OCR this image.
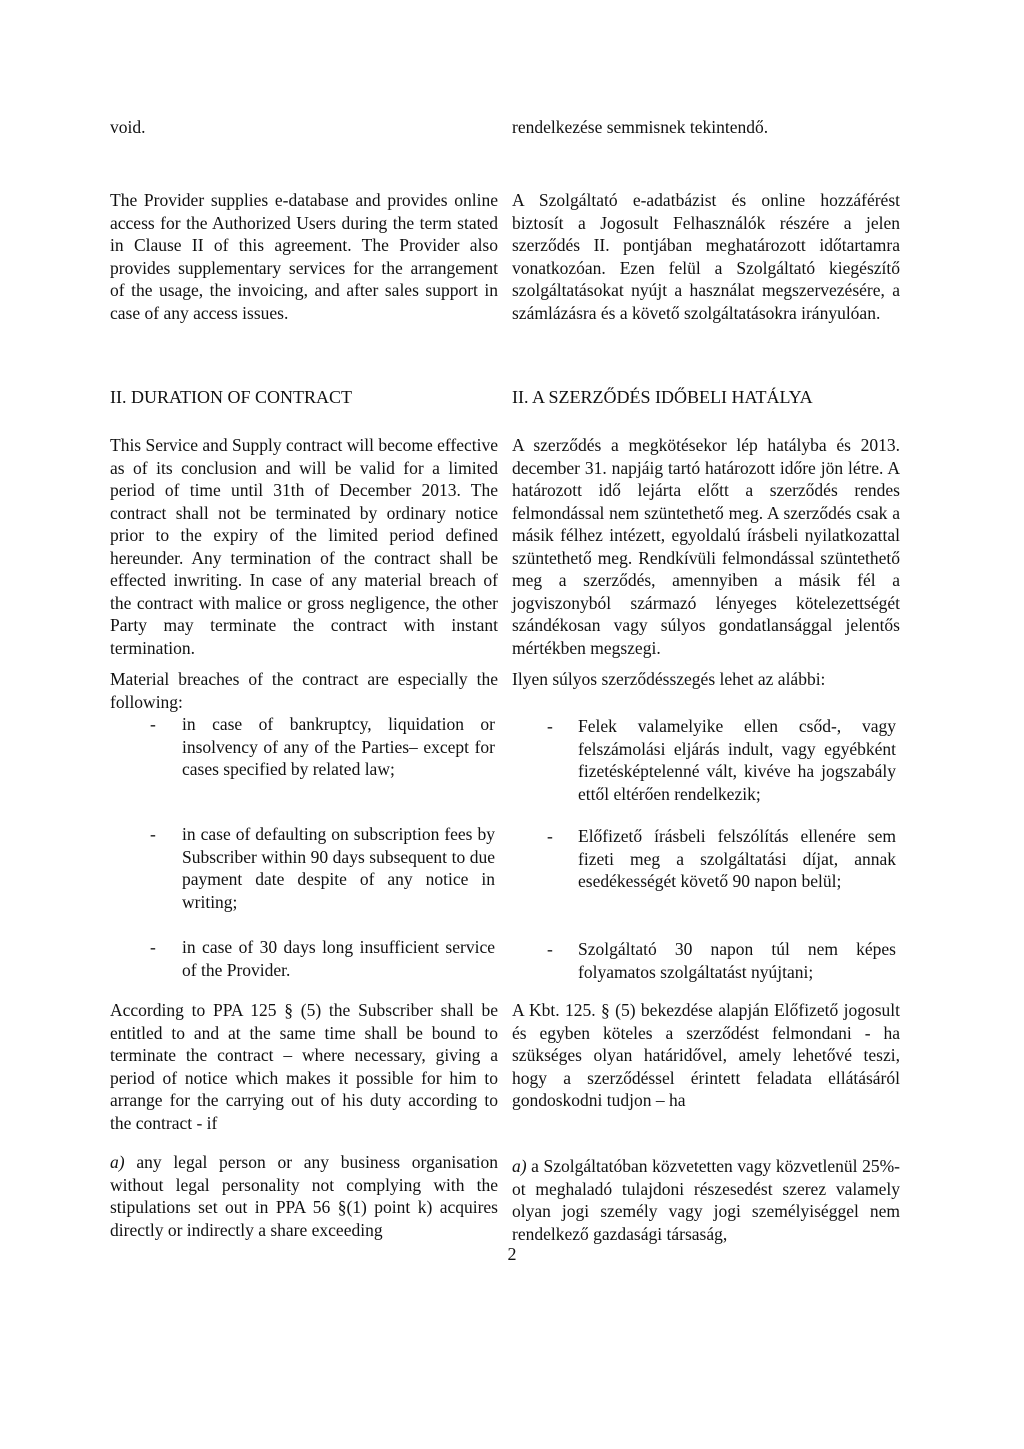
void.

The Provider supplies e-database and provides online access for the Authorized Users during the term stated in Clause II of this agreement. The Provider also provides supplementary services for the arrangement of the usage, the invoicing, and after sales support in case of any access issues.

II. DURATION OF CONTRACT

This Service and Supply contract will become effective as of its conclusion and will be valid for a limited period of time until 31th of December 2013. The contract shall not be terminated by ordinary notice prior to the expiry of the limited period defined hereunder. Any termination of the contract shall be effected inwriting. In case of any material breach of the contract with malice or gross negligence, the other Party may terminate the contract with instant termination.

Material breaches of the contract are especially the following:

-	in case of bankruptcy, liquidation or insolvency of any of the Parties– except for cases specified by related law;

-	in case of defaulting on subscription fees by Subscriber within 90 days subsequent to due payment date despite of any notice in writing;

-	in case of 30 days long insufficient service of the Provider.

According to PPA 125 § (5) the Subscriber shall be entitled to and at the same time shall be bound to terminate the contract – where necessary, giving a period of notice which makes it possible for him to arrange for the carrying out of his duty according to the contract - if

a) any legal person or any business organisation without legal personality not complying with the stipulations set out in PPA 56 §(1) point k) acquires directly or indirectly a share exceeding

rendelkezése semmisnek tekintendő.

A Szolgáltató e-adatbázist és online hozzáférést biztosít a Jogosult Felhasználók részére a jelen szerződés II. pontjában meghatározott időtartamra vonatkozóan. Ezen felül a Szolgáltató kiegészítő szolgáltatásokat nyújt a használat megszervezésére, a számlázásra és a követő szolgáltatásokra irányulóan.

II. A SZERZŐDÉS IDŐBELI HATÁLYA

A szerződés a megkötésekor lép hatályba és 2013. december 31. napjáig tartó határozott időre jön létre. A határozott idő lejárta előtt a szerződés rendes felmondással nem szüntethető meg. A szerződés csak a másik félhez intézett, egyoldalú írásbeli nyilatkozattal szüntethető meg. Rendkívüli felmondással szüntethető meg a szerződés, amennyiben a másik fél a jogviszonyból származó lényeges kötelezettségét szándékosan vagy súlyos gondatlansággal jelentős mértékben megszegi.

Ilyen súlyos szerződésszegés lehet az alábbi:

-	Felek valamelyike ellen csőd-, vagy felszámolási eljárás indult, vagy egyébként fizetésképtelenné vált, kivéve ha jogszabály ettől eltérően rendelkezik;

-	Előfizető írásbeli felszólítás ellenére sem fizeti meg a szolgáltatási díjat, annak esedékességét követő 90 napon belül;

-	Szolgáltató 30 napon túl nem képes folyamatos szolgáltatást nyújtani;

A Kbt. 125. § (5) bekezdése alapján Előfizető jogosult és egyben köteles a szerződést felmondani - ha szükséges olyan határidővel, amely lehetővé teszi, hogy a szerződéssel érintett feladata ellátásáról gondoskodni tudjon – ha

a) a Szolgáltatóban közvetetten vagy közvetlenül 25%-ot meghaladó tulajdoni részesedést szerez valamely olyan jogi személy vagy jogi személyiséggel nem rendelkező gazdasági társaság,

2
